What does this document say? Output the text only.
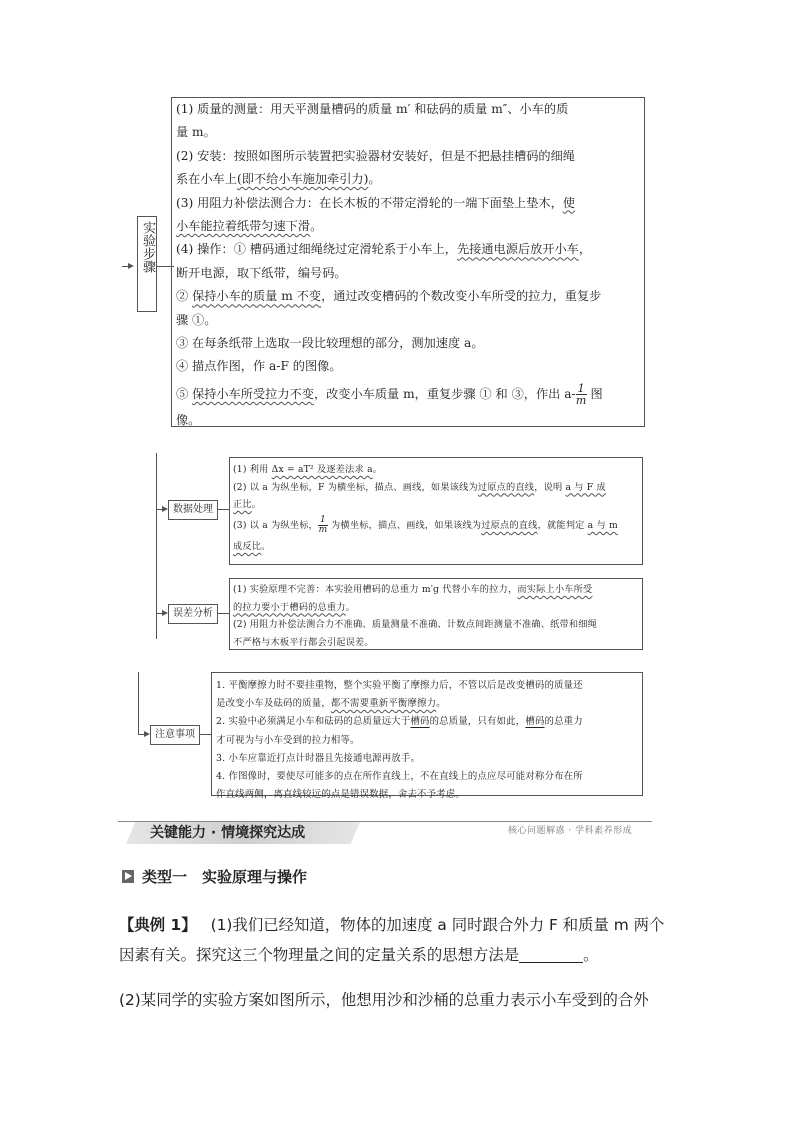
实验步骤

(1) 质量的测量：用天平测量槽码的质量 m′ 和砝码的质量 m″、小车的质

量 m。

(2) 安装：按照如图所示装置把实验器材安装好，但是不把悬挂槽码的细绳

系在小车上(即不给小车施加牵引力)。

(3) 用阻力补偿法测合力：在长木板的不带定滑轮的一端下面垫上垫木，使

小车能拉着纸带匀速下滑。

(4) 操作：① 槽码通过细绳绕过定滑轮系于小车上，先接通电源后放开小车，

断开电源，取下纸带，编号码。

② 保持小车的质量 m 不变，通过改变槽码的个数改变小车所受的拉力，重复步

骤 ①。

③ 在每条纸带上选取一段比较理想的部分，测加速度 a。

④ 描点作图，作 a-F 的图像。

⑤ 保持小车所受拉力不变，改变小车质量 m，重复步骤 ① 和 ③，作出 $a- \frac{1}{m}$ 图

像。

数据处理

(1) 利用 Δx = aT² 及逐差法求 a。

(2) 以 a 为纵坐标，F 为横坐标，描点、画线，如果该线为过原点的直线，说明 a 与 F 成

正比。

(3) 以 a 为纵坐标， $\frac{1}{m}$ 为横坐标，描点、画线，如果该线为过原点的直线，就能判定 a 与 m

成反比。

误差分析

(1) 实验原理不完善：本实验用槽码的总重力 m′g 代替小车的拉力，而实际上小车所受

的拉力要小于槽码的总重力。

(2) 用阻力补偿法测合力不准确、质量测量不准确、计数点间距测量不准确、纸带和细绳

不严格与木板平行都会引起误差。

注意事项

1. 平衡摩擦力时不要挂重物，整个实验平衡了摩擦力后，不管以后是改变槽码的质量还

是改变小车及砝码的质量，都不需要重新平衡摩擦力。

2. 实验中必须满足小车和砝码的总质量远大于槽码的总质量，只有如此，槽码的总重力

才可视为与小车受到的拉力相等。

3. 小车应靠近打点计时器且先接通电源再放手。

4. 作图像时，要使尽可能多的点在所作直线上，不在直线上的点应尽可能对称分布在所

作直线两侧，离直线较远的点是错误数据，舍去不予考虑。

关键能力 · 情境探究达成	核心问题解惑 · 学科素养形成
类型一　实验原理与操作
【典例 1】 (1)我们已经知道，物体的加速度 a 同时跟合外力 F 和质量 m 两个
因素有关。探究这三个物理量之间的定量关系的思想方法是	。
(2)某同学的实验方案如图所示，他想用沙和沙桶的总重力表示小车受到的合外
